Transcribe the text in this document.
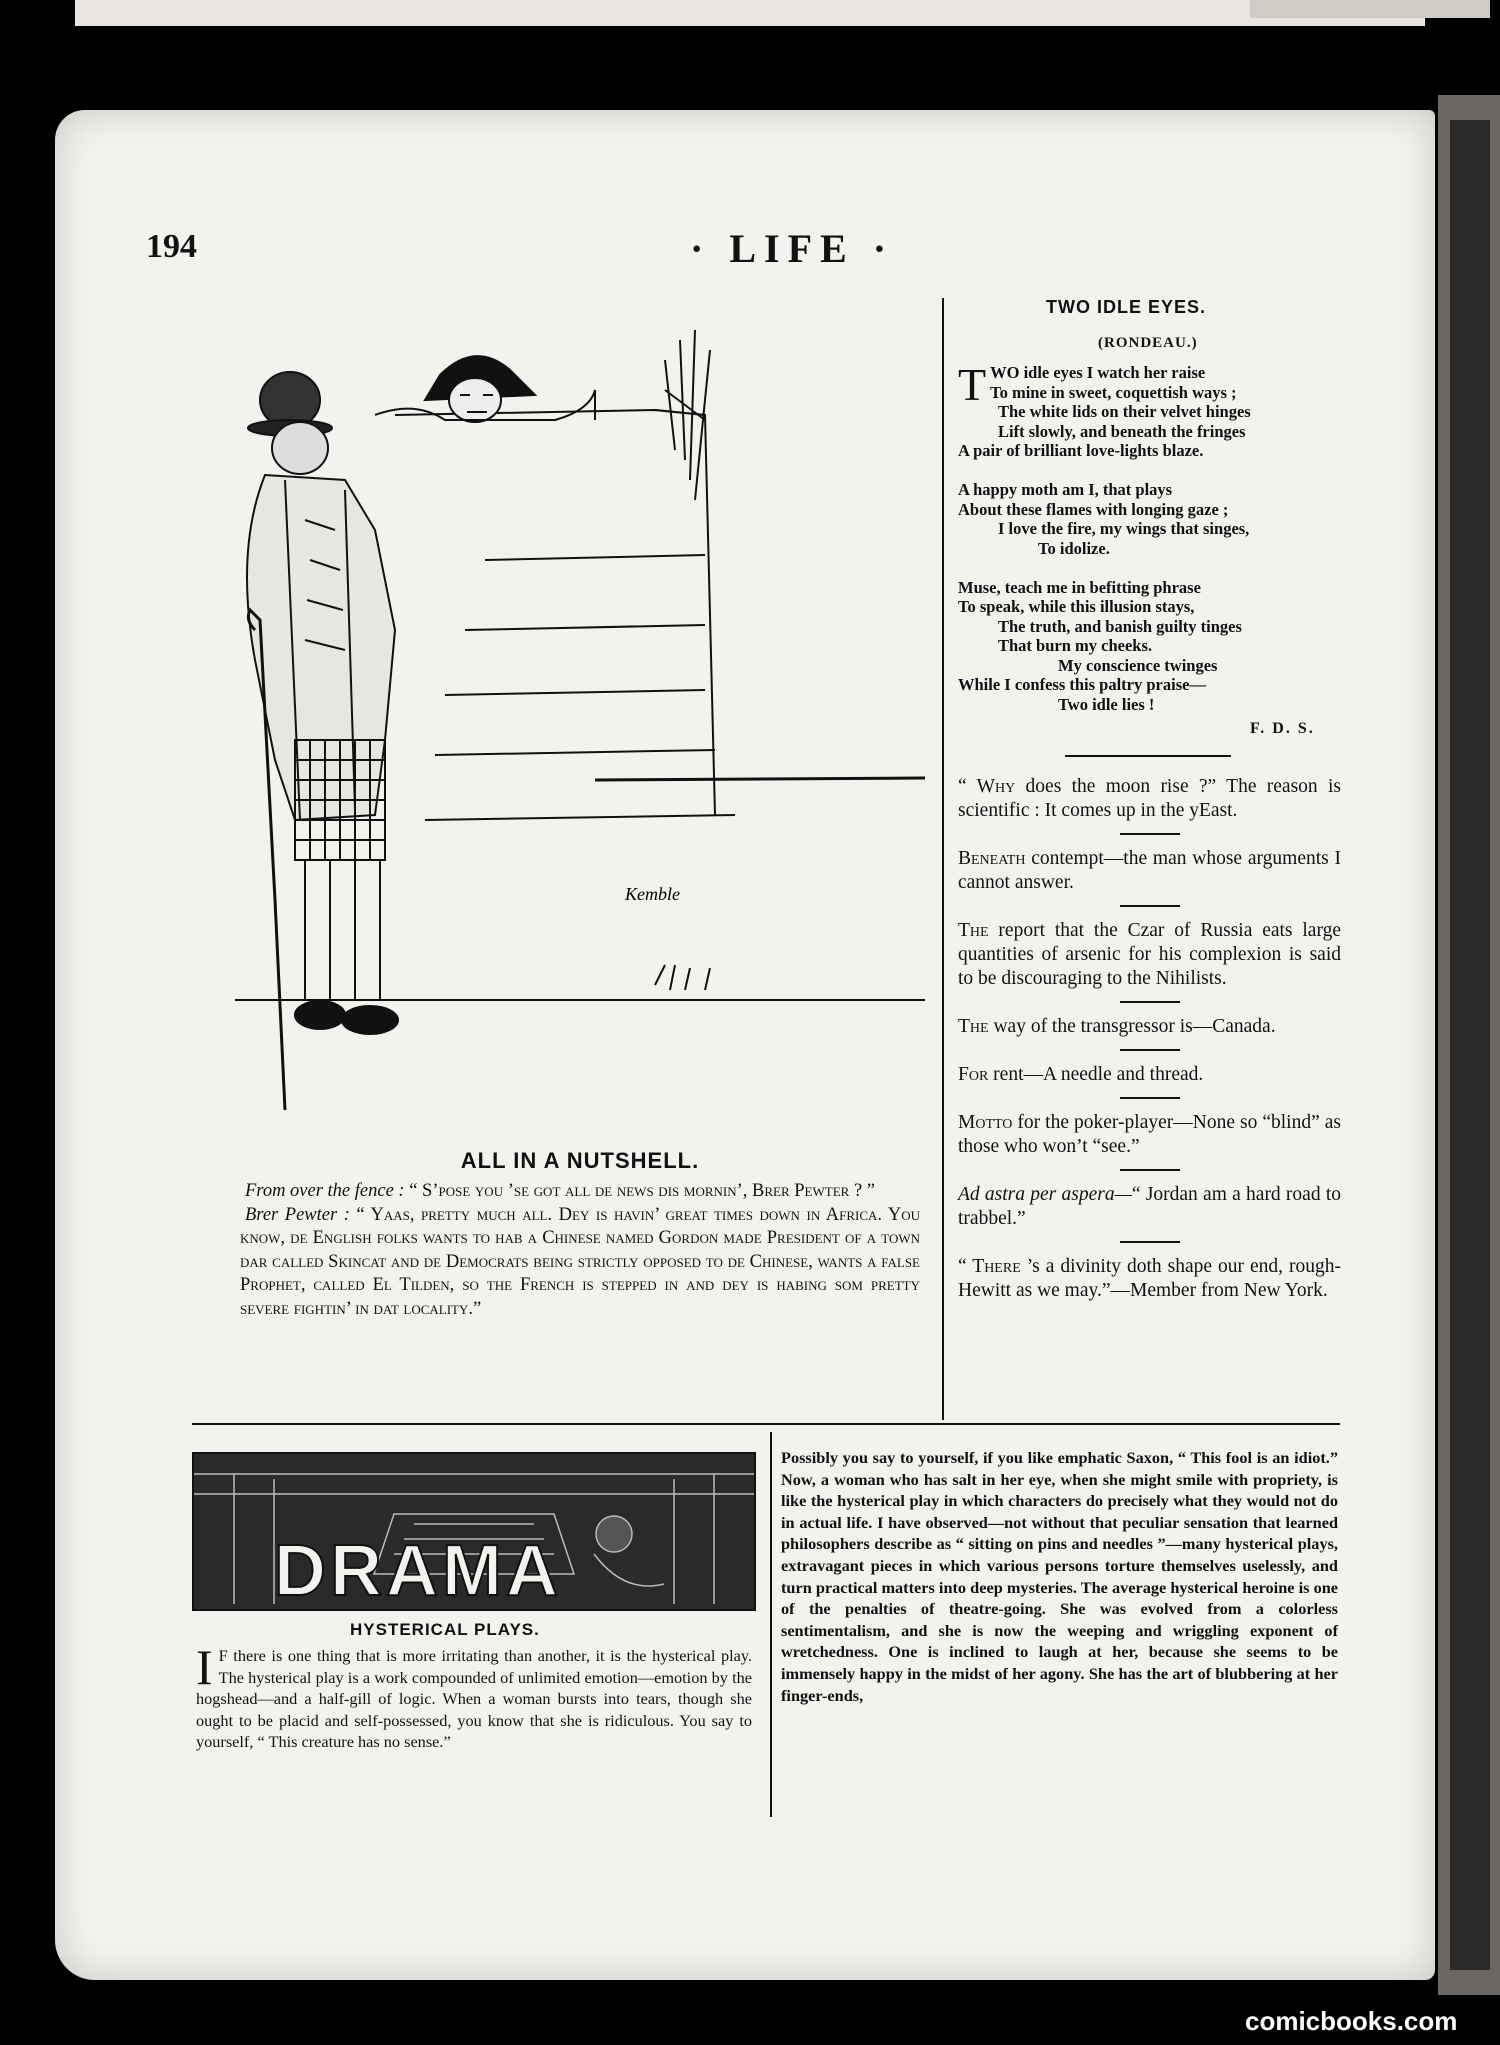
194	· LIFE ·
Kemble
ALL IN A NUTSHELL.

From over the fence : “ S’pose you ’se got all de news dis mornin’, Brer Pewter ? ”

Brer Pewter : “ Yaas, pretty much all. Dey is havin’ great times down in Africa. You know, de English folks wants to hab a Chinese named Gordon made President of a town dar called Skincat and de Democrats being strictly opposed to de Chinese, wants a false Prophet, called El Tilden, so the French is stepped in and dey is habing som pretty severe fightin’ in dat locality.”

TWO IDLE EYES.
(RONDEAU.)
T WO idle eyes I watch her raise
To mine in sweet, coquettish ways ;
The white lids on their velvet hinges
Lift slowly, and beneath the fringes
A pair of brilliant love-lights blaze.
A happy moth am I, that plays
About these flames with longing gaze ;
I love the fire, my wings that singes,
To idolize.
Muse, teach me in befitting phrase
To speak, while this illusion stays,
The truth, and banish guilty tinges
That burn my cheeks.
My conscience twinges
While I confess this paltry praise—
Two idle lies !
F. D. S.

“ Why does the moon rise ?” The reason is scientific : It comes up in the yEast.

Beneath contempt—the man whose arguments I cannot answer.

The report that the Czar of Russia eats large quantities of arsenic for his complexion is said to be discouraging to the Nihilists.

The way of the transgressor is—Canada.

For rent—A needle and thread.

Motto for the poker-player—None so “blind” as those who won’t “see.”

Ad astra per aspera—“ Jordan am a hard road to trabbel.”

“ There ’s a divinity doth shape our end, rough-Hewitt as we may.”—Member from New York.

DRAMA
HYSTERICAL PLAYS.
I F there is one thing that is more irritating than another, it is the hysterical play. The hysterical play is a work compounded of unlimited emotion—emotion by the hogshead—and a half-gill of logic. When a woman bursts into tears, though she ought to be placid and self-possessed, you know that she is ridiculous. You say to yourself, “ This creature has no sense.”
Possibly you say to yourself, if you like emphatic Saxon, “ This fool is an idiot.” Now, a woman who has salt in her eye, when she might smile with propriety, is like the hysterical play in which characters do precisely what they would not do in actual life. I have observed—not without that peculiar sensation that learned philosophers describe as “ sitting on pins and needles ”—many hysterical plays, extravagant pieces in which various persons torture themselves uselessly, and turn practical matters into deep mysteries. The average hysterical heroine is one of the penalties of theatre-going. She was evolved from a colorless sentimentalism, and she is now the weeping and wriggling exponent of wretchedness. One is inclined to laugh at her, because she seems to be immensely happy in the midst of her agony. She has the art of blubbering at her finger-ends,
comicbooks.com
